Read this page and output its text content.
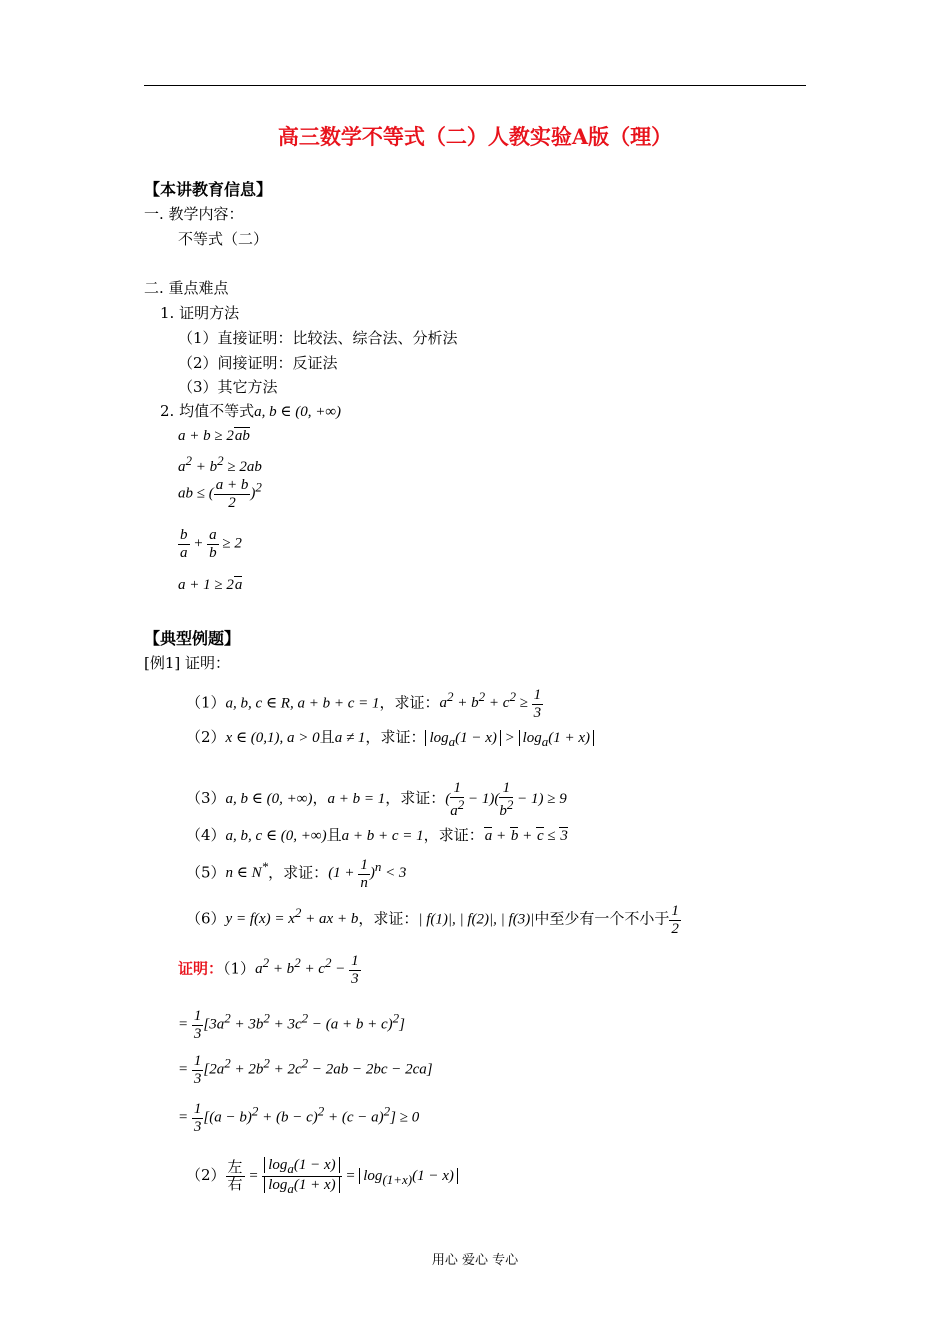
高三数学不等式（二）人教实验A版（理）
【本讲教育信息】
一. 教学内容：
不等式（二）
二. 重点难点
1. 证明方法
（1）直接证明：比较法、综合法、分析法
（2）间接证明：反证法
（3）其它方法
2. 均值不等式a, b ∈ (0, +∞)
a + b ≥ 2ab
$a^2 + b^2 \ge 2ab$
ab ≤ ( $\frac{a + b}{2} )^2$
$\frac{b}{a} + \frac{a}{b} \ge 2$
a + 1 ≥ 2a
【典型例题】
[例1] 证明：
（1）a, b, c ∈ R, a + b + c = 1，求证：$a^2 + b^2 + c^2 \ge \frac{1}{3}$
（2）x ∈ (0,1), a > 0且a ≠ 1，求证： $\log_a(1 - x) > \log_a(1 + x)$
（3）a, b ∈ (0, +∞)，a + b = 1，求证：( $\frac{1}{a^2} - 1)( \frac{1}{b^2} - 1) \ge 9$
（4）a, b, c ∈ (0, +∞)且a + b + c = 1，求证：a + b + c ≤ 3
（5）n ∈ N*，求证：$(1 + \frac{1}{n} )^n < 3$
$(6)y = f(x) = x^2$ + ax + b，求证：| f(1)|, | f(2)|, | f(3)|中至少有一个不小于 $\frac{1}{2}$
证明：$(1)a^2 + b^2 + c^2 - \frac{1}{3}$
= $\frac{1}{3} [3a^2 + 3b^2 + 3c^2 - (a + b + c)^2]$
= $\frac{1}{3} [2a^2 + 2b^2 + 2c^2 - 2ab - 2bc - 2ca]$
= $\frac{1}{3} [(a - b)^2 + (b - c)^2 + (c - a)^2] \ge 0$
$(2) \frac{\text{左}}{\text{右}} = \frac{\log_a(1 - x)}{\log_a(1 + x)} = \log_{(1+x)}(1 - x)$
用心 爱心 专心
